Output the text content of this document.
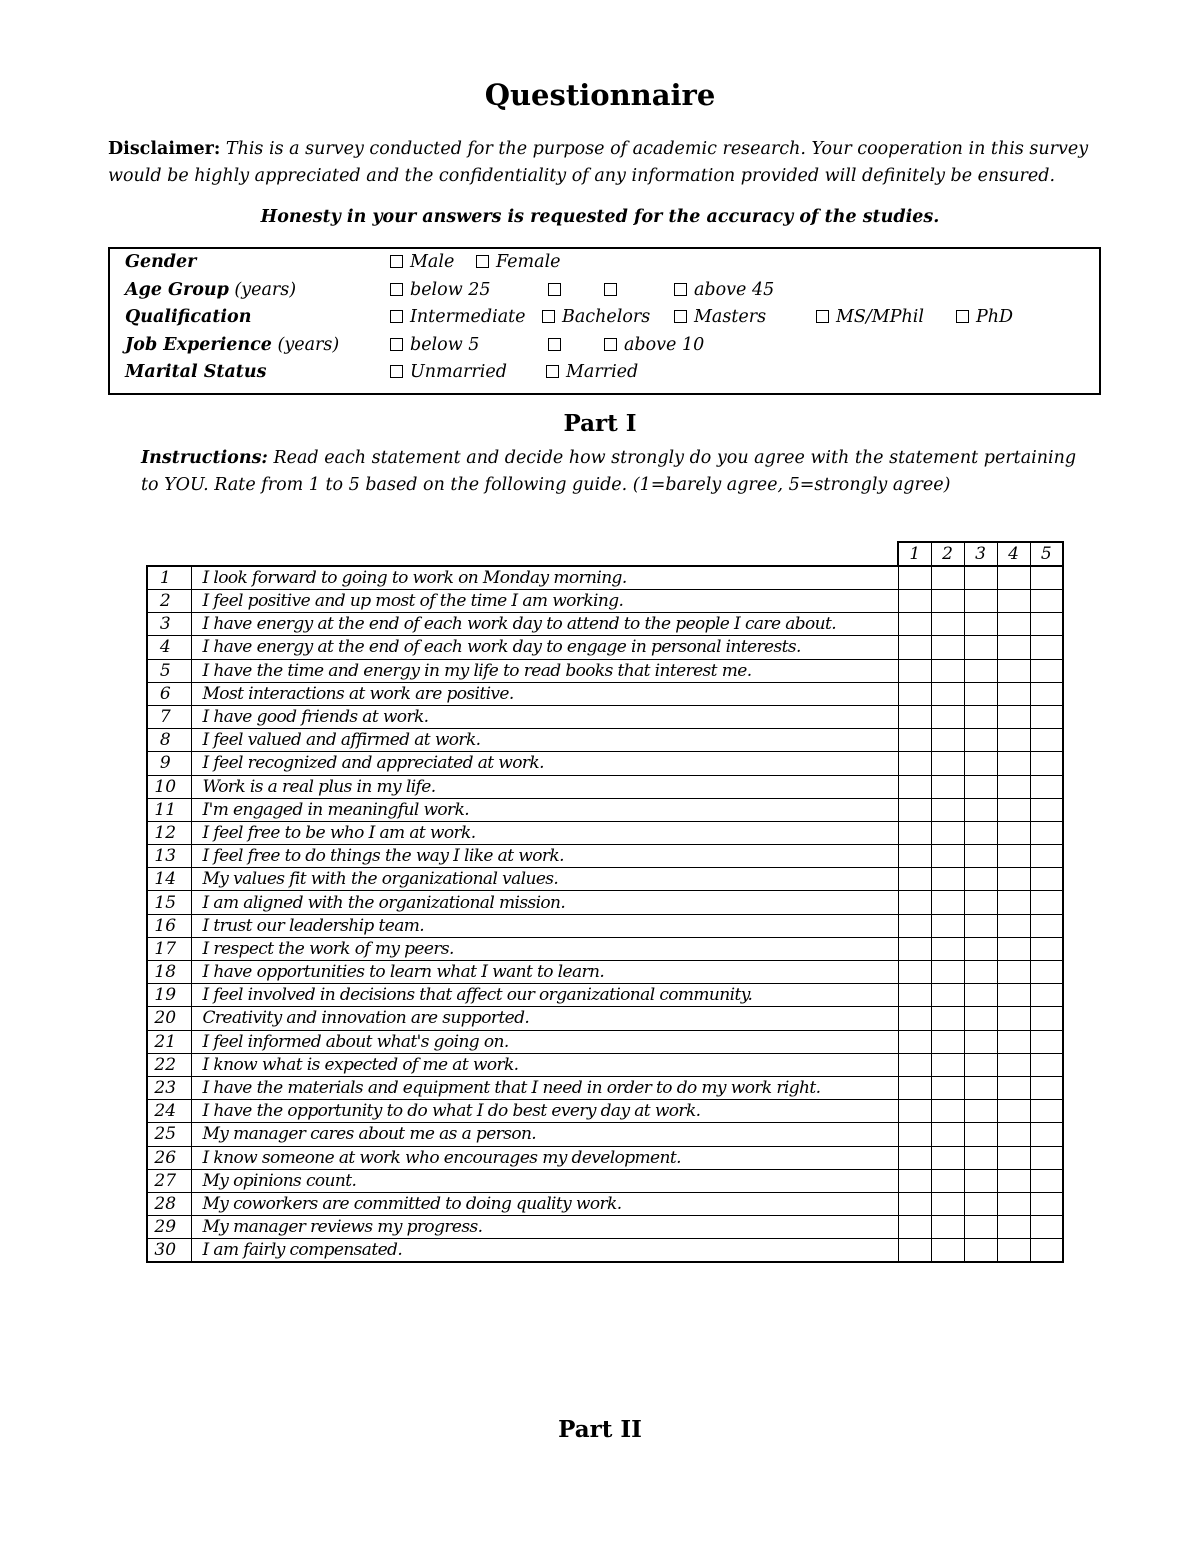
Questionnaire
Disclaimer: This is a survey conducted for the purpose of academic research. Your cooperation in this survey would be highly appreciated and the confidentiality of any information provided will definitely be ensured.
Honesty in your answers is requested for the accuracy of the studies.
Gender	Male	Female
Age Group (years)	below 25	above 45
Qualification	Intermediate	Bachelors	Masters	MS/MPhil	PhD
Job Experience (years)	below 5	above 10
Marital Status	Unmarried	Married
Part I
Instructions: Read each statement and decide how strongly do you agree with the statement pertaining to YOU. Rate from 1 to 5 based on the following guide. (1=barely agree, 5=strongly agree)
		1	2	3	4	5
1	I look forward to going to work on Monday morning.					
2	I feel positive and up most of the time I am working.					
3	I have energy at the end of each work day to attend to the people I care about.					
4	I have energy at the end of each work day to engage in personal interests.					
5	I have the time and energy in my life to read books that interest me.					
6	Most interactions at work are positive.					
7	I have good friends at work.					
8	I feel valued and affirmed at work.					
9	I feel recognized and appreciated at work.					
10	Work is a real plus in my life.					
11	I'm engaged in meaningful work.					
12	I feel free to be who I am at work.					
13	I feel free to do things the way I like at work.					
14	My values fit with the organizational values.					
15	I am aligned with the organizational mission.					
16	I trust our leadership team.					
17	I respect the work of my peers.					
18	I have opportunities to learn what I want to learn.					
19	I feel involved in decisions that affect our organizational community.					
20	Creativity and innovation are supported.					
21	I feel informed about what's going on.					
22	I know what is expected of me at work.					
23	I have the materials and equipment that I need in order to do my work right.					
24	I have the opportunity to do what I do best every day at work.					
25	My manager cares about me as a person.					
26	I know someone at work who encourages my development.					
27	My opinions count.					
28	My coworkers are committed to doing quality work.					
29	My manager reviews my progress.					
30	I am fairly compensated.					
Part II
